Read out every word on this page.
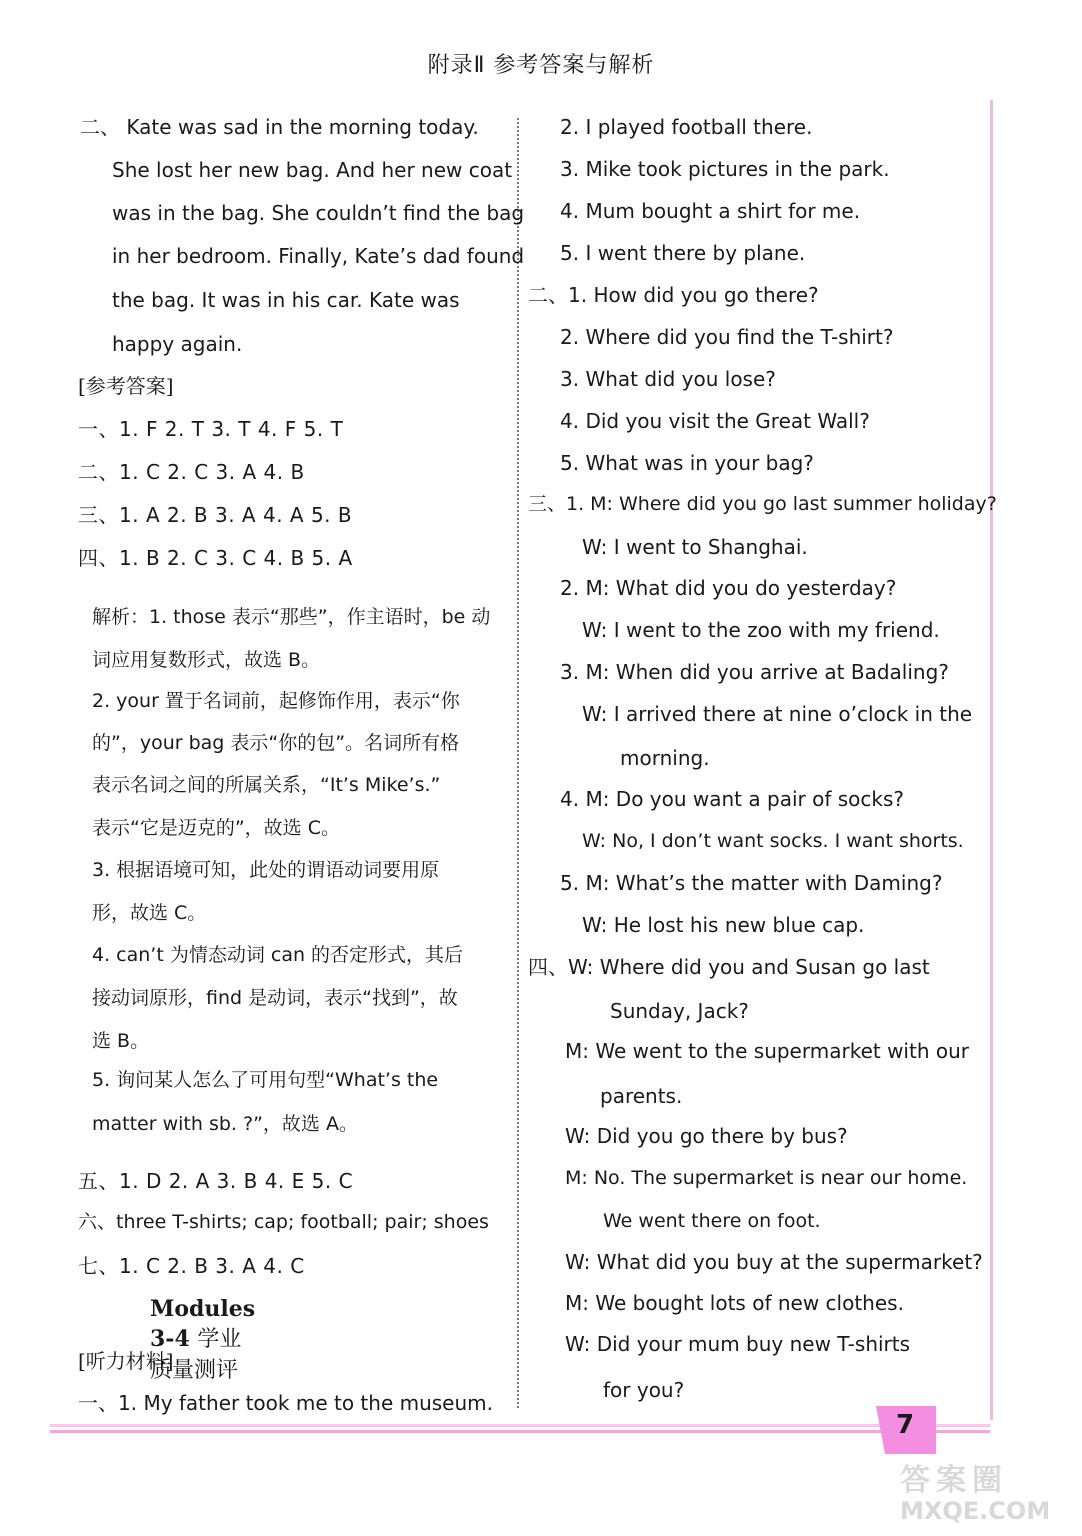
附录Ⅱ 参考答案与解析
二、 Kate was sad in the morning today.
She lost her new bag. And her new coat
was in the bag. She couldn’t find the bag
in her bedroom. Finally, Kate’s dad found
the bag. It was in his car. Kate was
happy again.
[参考答案]
一、1. F 2. T 3. T 4. F 5. T
二、1. C 2. C 3. A 4. B
三、1. A 2. B 3. A 4. A 5. B
四、1. B 2. C 3. C 4. B 5. A
解析：1. those 表示“那些”，作主语时，be 动
词应用复数形式，故选 B。
2. your 置于名词前，起修饰作用，表示“你
的”，your bag 表示“你的包”。名词所有格
表示名词之间的所属关系，“It’s Mike’s.”
表示“它是迈克的”，故选 C。
3. 根据语境可知，此处的谓语动词要用原
形，故选 C。
4. can’t 为情态动词 can 的否定形式，其后
接动词原形，find 是动词，表示“找到”，故
选 B。
5. 询问某人怎么了可用句型“What’s the
matter with sb. ?”，故选 A。
五、1. D 2. A 3. B 4. E 5. C
六、three T-shirts; cap; football; pair; shoes
七、1. C 2. B 3. A 4. C
Modules 3-4 学业质量测评
[听力材料]
一、1. My father took me to the museum.
2. I played football there.
3. Mike took pictures in the park.
4. Mum bought a shirt for me.
5. I went there by plane.
二、1. How did you go there?
2. Where did you find the T-shirt?
3. What did you lose?
4. Did you visit the Great Wall?
5. What was in your bag?
三、1. M: Where did you go last summer holiday?
W: I went to Shanghai.
2. M: What did you do yesterday?
W: I went to the zoo with my friend.
3. M: When did you arrive at Badaling?
W: I arrived there at nine o’clock in the
morning.
4. M: Do you want a pair of socks?
W: No, I don’t want socks. I want shorts.
5. M: What’s the matter with Daming?
W: He lost his new blue cap.
四、W: Where did you and Susan go last
Sunday, Jack?
M: We went to the supermarket with our
parents.
W: Did you go there by bus?
M: No. The supermarket is near our home.
We went there on foot.
W: What did you buy at the supermarket?
M: We bought lots of new clothes.
W: Did your mum buy new T-shirts
for you?
7
答案圈
MXQE.COM
